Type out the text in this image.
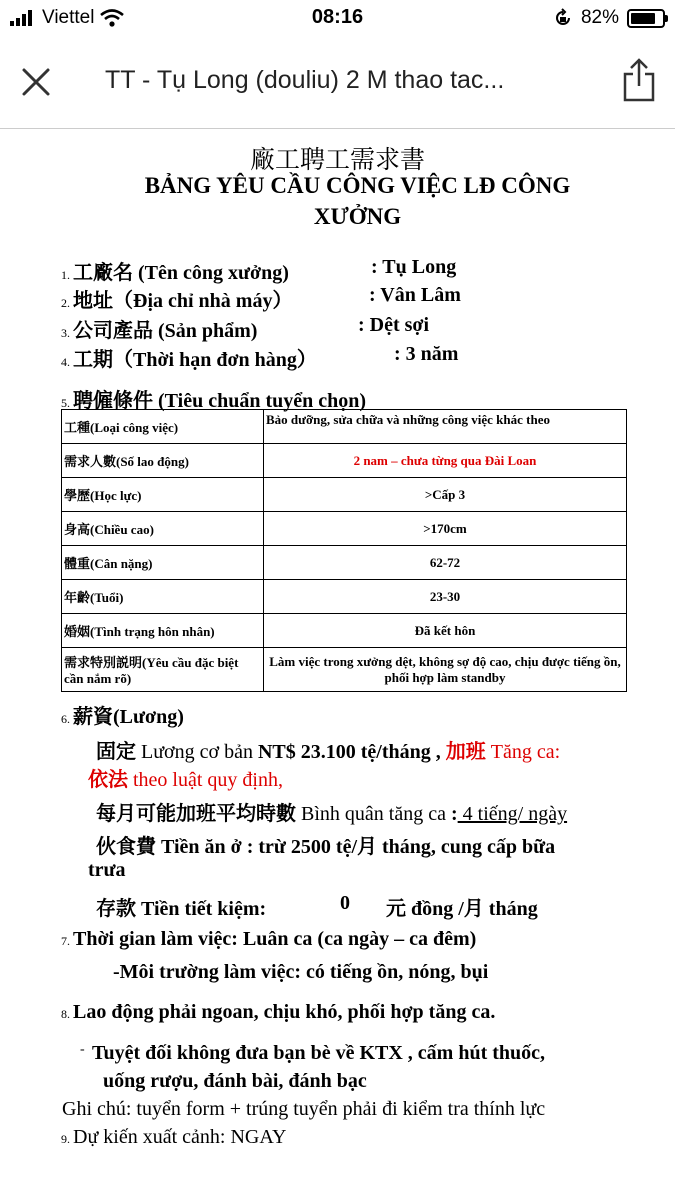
Viettel	08:16	82%
TT - Tụ Long (douliu) 2 M thao tac...
廠工聘工需求書
BẢNG YÊU CẦU CÔNG VIỆC LĐ CÔNG XƯỞNG
1. 工廠名 (Tên công xưởng)	: Tụ Long
2. 地址（Địa chỉ nhà máy）	: Vân Lâm
3. 公司產品 (Sản phẩm)	: Dệt sợi
4. 工期（Thời hạn đơn hàng）	: 3 năm
5. 聘僱條件 (Tiêu chuẩn tuyển chọn)
工種(Loại công việc)	Bảo dưỡng, sửa chữa và những công việc khác theo
需求人數(Số lao động)	2 nam – chưa từng qua Đài Loan
學歷(Học lực)	>Cấp 3
身高(Chiều cao)	>170cm
體重(Cân nặng)	62-72
年齡(Tuổi)	23-30
婚姻(Tình trạng hôn nhân)	Đã kết hôn
需求特別説明(Yêu cầu đặc biệt cần nắm rõ)	Làm việc trong xưởng dệt, không sợ độ cao, chịu được tiếng ồn, phối hợp làm standby
6. 薪資(Lương)
固定 Lương cơ bản NT$ 23.100 tệ/tháng , 加班 Tăng ca:
依法 theo luật quy định,
每月可能加班平均時數 Bình quân tăng ca : 4 tiếng/ ngày
伙食費 Tiền ăn ở : trừ 2500 tệ/月 tháng, cung cấp bữa
trưa
存款 Tiền tiết kiệm:	0 元 đồng /月 tháng
7. Thời gian làm việc: Luân ca (ca ngày – ca đêm)
-Môi trường làm việc: có tiếng ồn, nóng, bụi
8. Lao động phải ngoan, chịu khó, phối hợp tăng ca.
- Tuyệt đối không đưa bạn bè về KTX , cấm hút thuốc,
uống rượu, đánh bài, đánh bạc
Ghi chú: tuyển form + trúng tuyển phải đi kiểm tra thính lực
9. Dự kiến xuất cảnh: NGAY
